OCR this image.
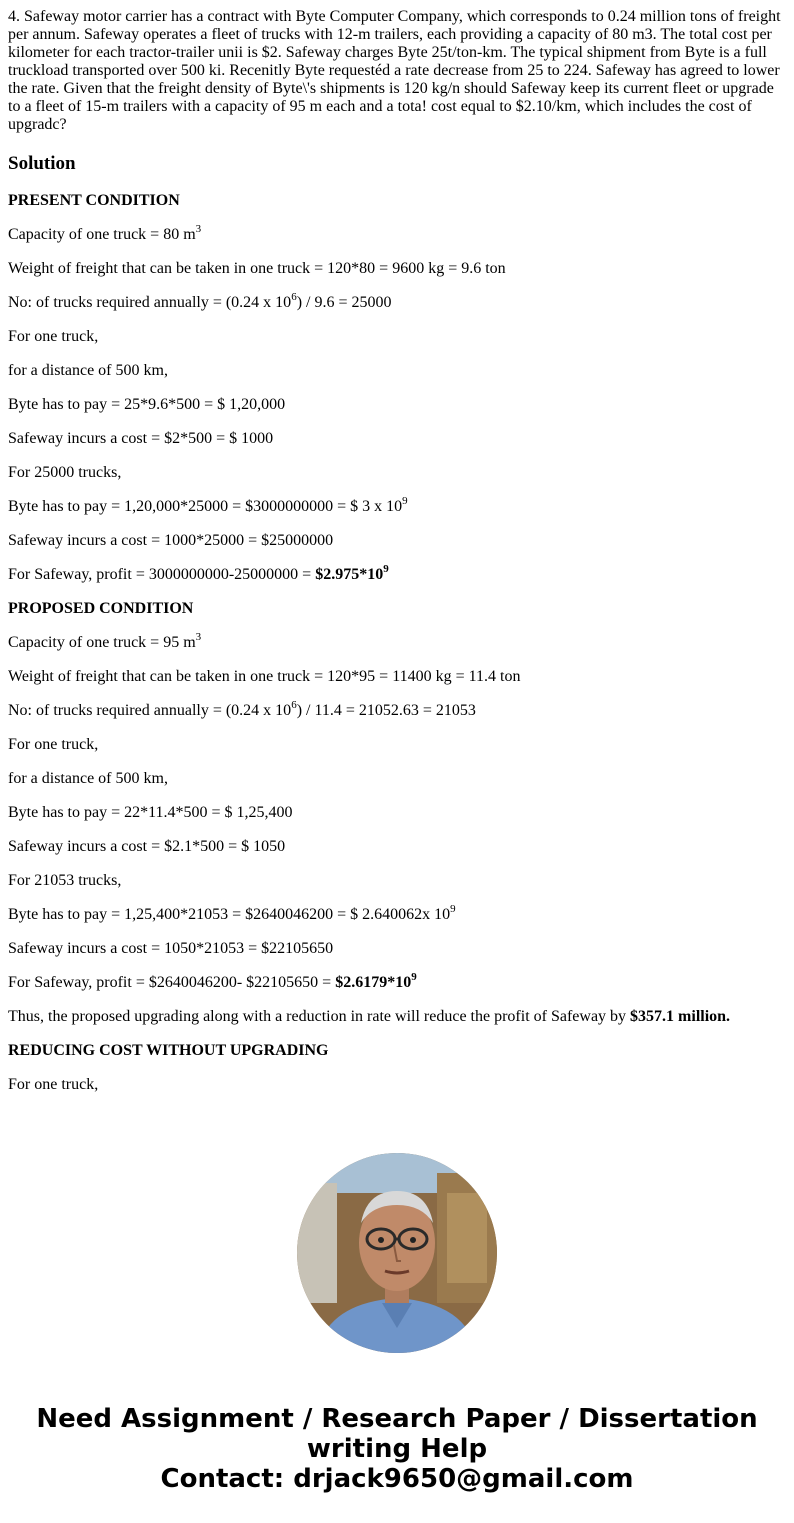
4. Safeway motor carrier has a contract with Byte Computer Company, which corresponds to 0.24 million tons of freight per annum. Safeway operates a fleet of trucks with 12-m trailers, each providing a capacity of 80 m3. The total cost per kilometer for each tractor-trailer unii is $2. Safeway charges Byte 25t/ton-km. The typical shipment from Byte is a full truckload transported over 500 ki. Recenitly Byte requestéd a rate decrease from 25 to 224. Safeway has agreed to lower the rate. Given that the freight density of Byte\'s shipments is 120 kg/n should Safeway keep its current fleet or upgrade to a fleet of 15-m trailers with a capacity of 95 m each and a tota! cost equal to $2.10/km, which includes the cost of upgradc?

Solution

PRESENT CONDITION

Capacity of one truck = 80 $m^3$

Weight of freight that can be taken in one truck = 120*80 = 9600 kg = 9.6 ton

No: of trucks required annually = (0.24 x $10^6) / 9.6 = 25000$

For one truck,

for a distance of 500 km,

Byte has to pay = 25*9.6*500 = $ 1,20,000

Safeway incurs a cost = $2*500 = $ 1000

For 25000 trucks,

Byte has to pay = 1,20,000*25000 = $3000000000 = $ 3 x $10^9$

Safeway incurs a cost = 1000*25000 = $25000000

For Safeway, profit = $3000000000-25000000 = \$2.975*10^9$

PROPOSED CONDITION

Capacity of one truck = 95 $m^3$

Weight of freight that can be taken in one truck = 120*95 = 11400 kg = 11.4 ton

No: of trucks required annually = (0.24 x $10^6) / 11.4 = 21052.63 = 21053$

For one truck,

for a distance of 500 km,

Byte has to pay = 22*11.4*500 = $ 1,25,400

Safeway incurs a cost = $2.1*500 = $ 1050

For 21053 trucks,

Byte has to pay = 1,25,400*21053 = $2640046200 = $ 2.640062x $10^9$

Safeway incurs a cost = 1050*21053 = $22105650

For Safeway, profit = $2640046200- $22105650 = $\$2.6179*10^9$

Thus, the proposed upgrading along with a reduction in rate will reduce the profit of Safeway by $357.1 million.

REDUCING COST WITHOUT UPGRADING

For one truck,

Need Assignment / Research Paper / Dissertation
writing Help
Contact: drjack9650@gmail.com
